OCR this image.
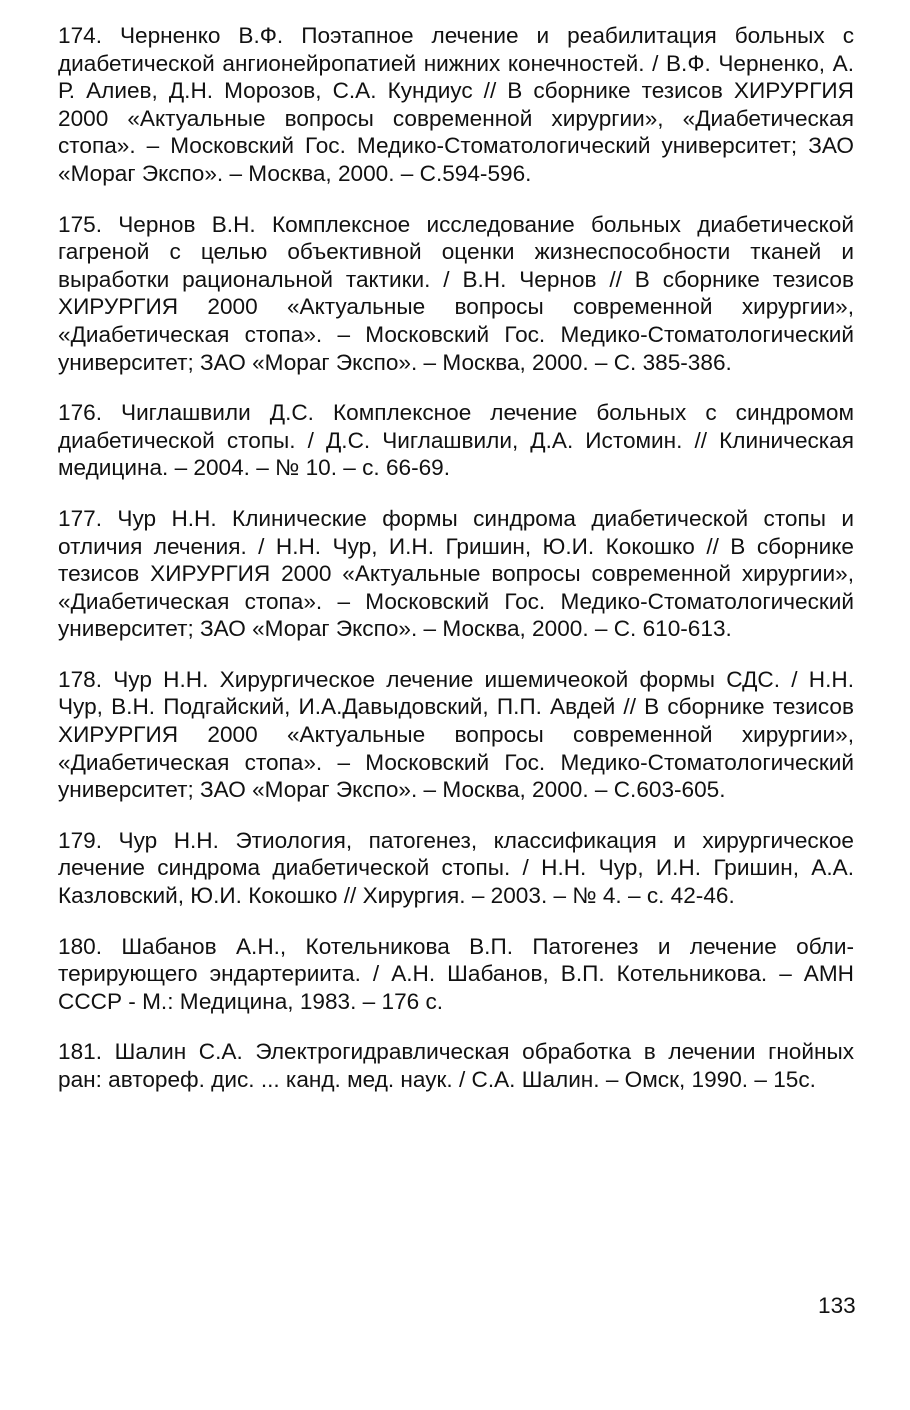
174. Черненко В.Ф. Поэтапное лечение и реабилитация больных с диабетической ангионейропатией нижних конечностей. / В.Ф. Черненко, А. Р. Алиев, Д.Н. Морозов, С.А. Кундиус // В сборнике тезисов ХИРУРГИЯ 2000 «Актуальные вопросы современной хирургии», «Диабетическая стопа». – Московский Гос. Медико-Стоматологический университет; ЗАО «Мораг Экспо». – Москва, 2000. – С.594-596.

175. Чернов В.Н. Комплексное исследование больных диабетической гагреной с целью объективной оценки жизнеспособности тканей и выработки рациональной тактики. / В.Н. Чернов // В сборнике тезисов ХИРУРГИЯ 2000 «Актуальные вопросы современной хирургии», «Диабетическая стопа». – Московский Гос. Медико-Стоматологический университет; ЗАО «Мораг Экспо». – Москва, 2000. – С. 385-386.

176. Чиглашвили Д.С. Комплексное лечение больных с синдромом диабетической стопы. / Д.С. Чиглашвили, Д.А. Истомин. // Клиническая медицина. – 2004. – № 10. – с. 66-69.

177. Чур Н.Н. Клинические формы синдрома диабетической стопы и отличия лечения. / Н.Н. Чур, И.Н. Гришин, Ю.И. Кокошко // В сборнике тезисов ХИРУРГИЯ 2000 «Актуальные вопросы современной хирургии», «Диабетическая стопа». – Московский Гос. Медико-Стоматологический университет; ЗАО «Мораг Экспо». – Москва, 2000. – С. 610-613.

178. Чур Н.Н. Хирургическое лечение ишемичеокой формы СДС. / Н.Н. Чур, В.Н. Подгайский, И.А.Давыдовский, П.П. Авдей // В сборнике тезисов ХИРУРГИЯ 2000 «Актуальные вопросы современной хирургии», «Диабетическая стопа». – Московский Гос. Медико-Стоматологический университет; ЗАО «Мораг Экспо». – Москва, 2000. – С.603-605.

179. Чур Н.Н. Этиология, патогенез, классификация и хирургическое лечение синдрома диабетической стопы. / Н.Н. Чур, И.Н. Гришин, А.А. Казловский, Ю.И. Кокошко // Хирургия. – 2003. – № 4. – с. 42-46.

180. Шабанов А.Н., Котельникова В.П. Патогенез и лечение облитерирующего эндартериита. / А.Н. Шабанов, В.П. Котельникова. – АМН СССР - М.: Медицина, 1983. – 176 с.

181. Шалин С.А. Электрогидравлическая обработка в лечении гнойных ран: автореф. дис. ... канд. мед. наук. / С.А. Шалин. – Омск, 1990. – 15с.

133
